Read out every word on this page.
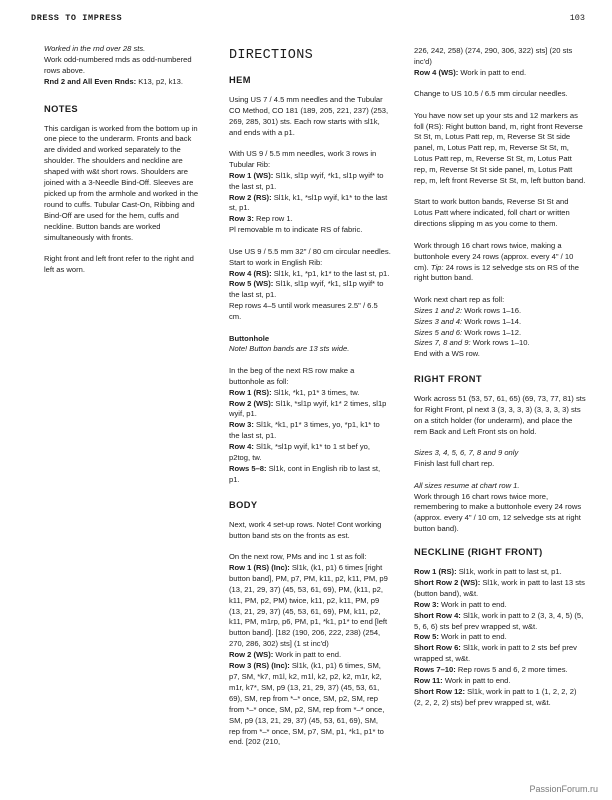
DRESS TO IMPRESS	103

Worked in the rnd over 28 sts.
Work odd-numbered rnds as odd-numbered rows above.
Rnd 2 and All Even Rnds: K13, p2, k13.

NOTES

This cardigan is worked from the bottom up in one piece to the underarm. Fronts and back are divided and worked separately to the shoulder. The shoulders and neckline are shaped with w&t short rows. Shoulders are joined with a 3-Needle Bind-Off. Sleeves are picked up from the armhole and worked in the round to cuffs. Tubular Cast-On, Ribbing and Bind-Off are used for the hem, cuffs and neckline. Button bands are worked simultaneously with fronts.

Right front and left front refer to the right and left as worn.

DIRECTIONS
HEM

Using US 7 / 4.5 mm needles and the Tubular CO Method, CO 181 (189, 205, 221, 237) (253, 269, 285, 301) sts. Each row starts with sl1k, and ends with a p1.

With US 9 / 5.5 mm needles, work 3 rows in Tubular Rib:
Row 1 (WS): Sl1k, sl1p wyif, *k1, sl1p wyif* to the last st, p1.
Row 2 (RS): Sl1k, k1, *sl1p wyif, k1* to the last st, p1.
Row 3: Rep row 1.
Pl removable m to indicate RS of fabric.

Use US 9 / 5.5 mm 32" / 80 cm circular needles. Start to work in English Rib:
Row 4 (RS): Sl1k, k1, *p1, k1* to the last st, p1.
Row 5 (WS): Sl1k, sl1p wyif, *k1, sl1p wyif* to the last st, p1.
Rep rows 4–5 until work measures 2.5" / 6.5 cm.

Buttonhole
Note! Button bands are 13 sts wide.

In the beg of the next RS row make a buttonhole as foll:
Row 1 (RS): Sl1k, *k1, p1* 3 times, tw.
Row 2 (WS): Sl1k, *sl1p wyif, k1* 2 times, sl1p wyif, p1.
Row 3: Sl1k, *k1, p1* 3 times, yo, *p1, k1* to the last st, p1.
Row 4: Sl1k, *sl1p wyif, k1* to 1 st bef yo, p2tog, tw.
Rows 5–8: Sl1k, cont in English rib to last st, p1.

BODY

Next, work 4 set-up rows. Note! Cont working button band sts on the fronts as est.

On the next row, PMs and inc 1 st as foll:
Row 1 (RS) (Inc): Sl1k, (k1, p1) 6 times [right button band], PM, p7, PM, k11, p2, k11, PM, p9 (13, 21, 29, 37) (45, 53, 61, 69), PM, (k11, p2, k11, PM, p2, PM) twice, k11, p2, k11, PM, p9 (13, 21, 29, 37) (45, 53, 61, 69), PM, k11, p2, k11, PM, m1rp, p6, PM, p1, *k1, p1* to end [left button band]. [182 (190, 206, 222, 238) (254, 270, 286, 302) sts] (1 st inc'd)
Row 2 (WS): Work in patt to end.
Row 3 (RS) (Inc): Sl1k, (k1, p1) 6 times, SM, p7, SM, *k7, m1l, k2, m1l, k2, p2, k2, m1r, k2, m1r, k7*, SM, p9 (13, 21, 29, 37) (45, 53, 61, 69), SM, rep from *–* once, SM, p2, SM, rep from *–* once, SM, p2, SM, rep from *–* once, SM, p9 (13, 21, 29, 37) (45, 53, 61, 69), SM, rep from *–* once, SM, p7, SM, p1, *k1, p1* to end. [202 (210,

226, 242, 258) (274, 290, 306, 322) sts] (20 sts inc'd)
Row 4 (WS): Work in patt to end.

Change to US 10.5 / 6.5 mm circular needles.

You have now set up your sts and 12 markers as foll (RS): Right button band, m, right front Reverse St St, m, Lotus Patt rep, m, Reverse St St side panel, m, Lotus Patt rep, m, Reverse St St, m, Lotus Patt rep, m, Reverse St St, m, Lotus Patt rep, m, Reverse St St side panel, m, Lotus Patt rep, m, left front Reverse St St, m, left button band.

Start to work button bands, Reverse St St and Lotus Patt where indicated, foll chart or written directions slipping m as you come to them.

Work through 16 chart rows twice, making a buttonhole every 24 rows (approx. every 4" / 10 cm). Tip: 24 rows is 12 selvedge sts on RS of the right button band.

Work next chart rep as foll:
Sizes 1 and 2: Work rows 1–16.
Sizes 3 and 4: Work rows 1–14.
Sizes 5 and 6: Work rows 1–12.
Sizes 7, 8 and 9: Work rows 1–10.
End with a WS row.

RIGHT FRONT

Work across 51 (53, 57, 61, 65) (69, 73, 77, 81) sts for Right Front, pl next 3 (3, 3, 3, 3) (3, 3, 3, 3) sts on a stitch holder (for underarm), and place the rem Back and Left Front sts on hold.

Sizes 3, 4, 5, 6, 7, 8 and 9 only
Finish last full chart rep.

All sizes resume at chart row 1.
Work through 16 chart rows twice more, remembering to make a buttonhole every 24 rows (approx. every 4" / 10 cm, 12 selvedge sts at right button band).

NECKLINE (RIGHT FRONT)

Row 1 (RS): Sl1k, work in patt to last st, p1.
Short Row 2 (WS): Sl1k, work in patt to last 13 sts (button band), w&t.
Row 3: Work in patt to end.
Short Row 4: Sl1k, work in patt to 2 (3, 3, 4, 5) (5, 5, 6, 6) sts bef prev wrapped st, w&t.
Row 5: Work in patt to end.
Short Row 6: Sl1k, work in patt to 2 sts bef prev wrapped st, w&t.
Rows 7–10: Rep rows 5 and 6, 2 more times.
Row 11: Work in patt to end.
Short Row 12: Sl1k, work in patt to 1 (1, 2, 2, 2) (2, 2, 2, 2) sts) bef prev wrapped st, w&t.

PassionForum.ru
